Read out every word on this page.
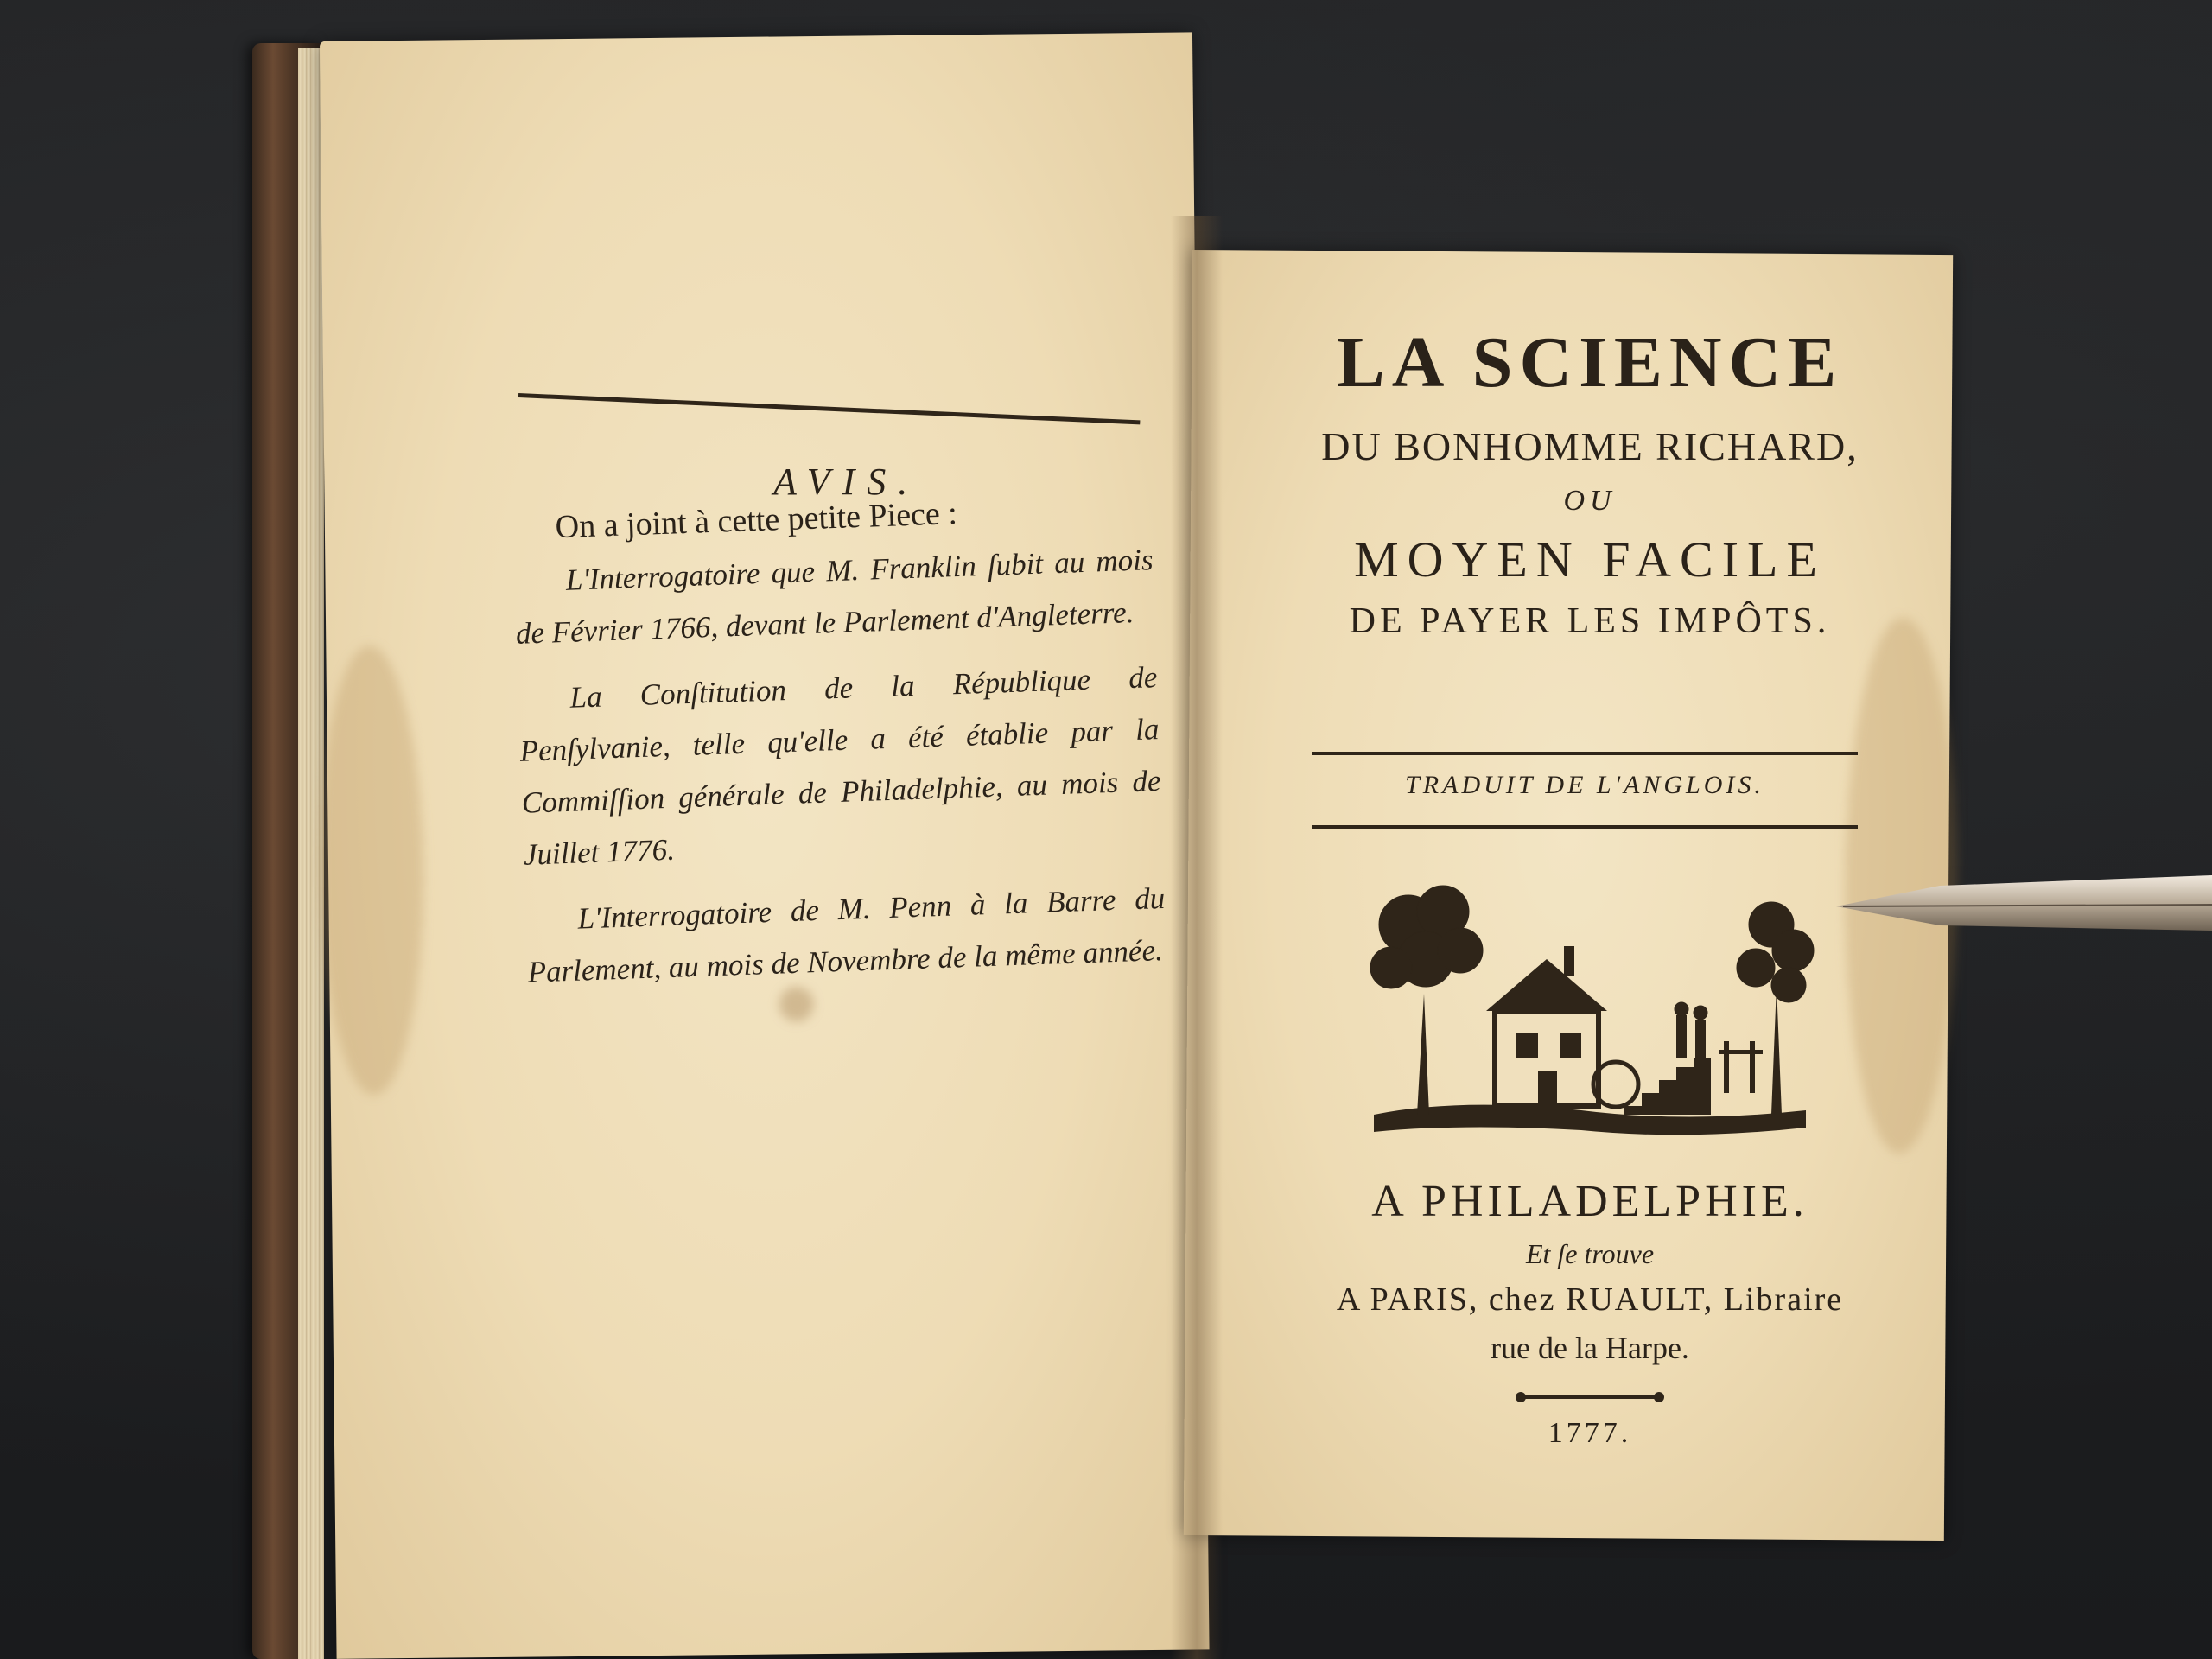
AVIS.

On a joint à cette petite Piece :

L'Interrogatoire que M. Franklin ſubit au mois de Février 1766, devant le Parlement d'Angleterre.

La Conſtitution de la République de Penſylvanie, telle qu'elle a été établie par la Commiſſion générale de Philadelphie, au mois de Juillet 1776.

L'Interrogatoire de M. Penn à la Barre du Parlement, au mois de Novembre de la même année.

LA SCIENCE
DU BONHOMME RICHARD,
OU
MOYEN FACILE
DE PAYER LES IMPÔTS.
TRADUIT DE L'ANGLOIS.
A PHILADELPHIE.
Et ſe trouve
A PARIS, chez RUAULT, Libraire
rue de la Harpe.
1777.
